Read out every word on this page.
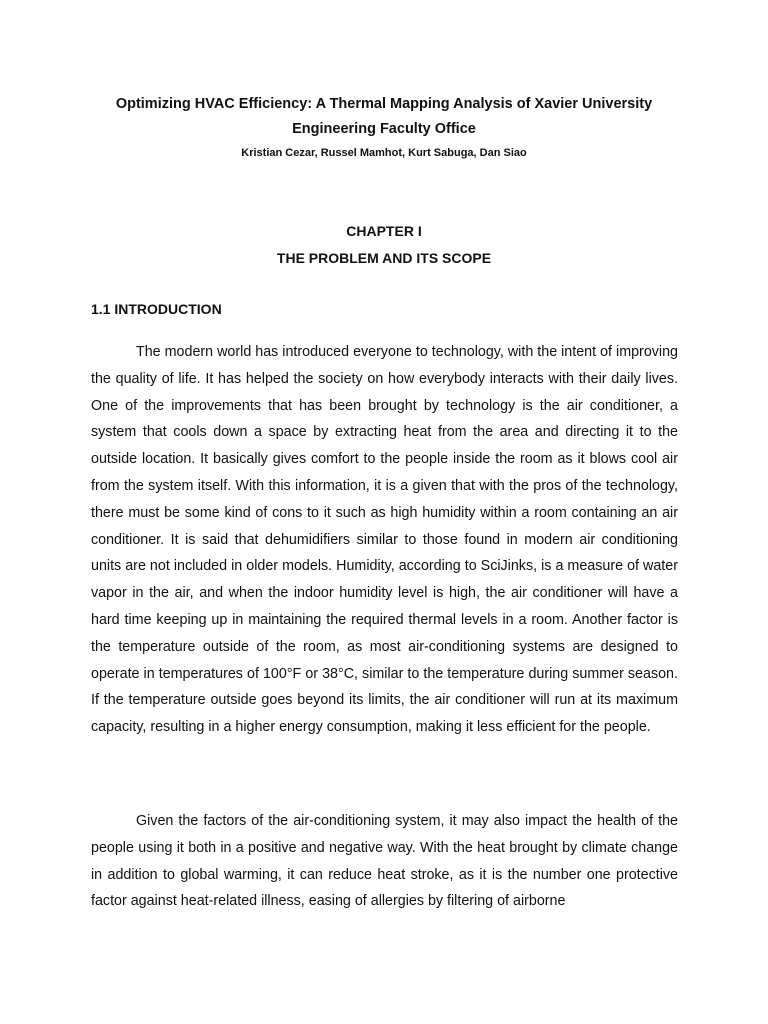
Optimizing HVAC Efficiency: A Thermal Mapping Analysis of Xavier University
Engineering Faculty Office
Kristian Cezar, Russel Mamhot, Kurt Sabuga, Dan Siao
CHAPTER I
THE PROBLEM AND ITS SCOPE
1.1 INTRODUCTION

The modern world has introduced everyone to technology, with the intent of improving the quality of life. It has helped the society on how everybody interacts with their daily lives. One of the improvements that has been brought by technology is the air conditioner, a system that cools down a space by extracting heat from the area and directing it to the outside location. It basically gives comfort to the people inside the room as it blows cool air from the system itself. With this information, it is a given that with the pros of the technology, there must be some kind of cons to it such as high humidity within a room containing an air conditioner. It is said that dehumidifiers similar to those found in modern air conditioning units are not included in older models. Humidity, according to SciJinks, is a measure of water vapor in the air, and when the indoor humidity level is high, the air conditioner will have a hard time keeping up in maintaining the required thermal levels in a room. Another factor is the temperature outside of the room, as most air-conditioning systems are designed to operate in temperatures of 100°F or 38°C, similar to the temperature during summer season. If the temperature outside goes beyond its limits, the air conditioner will run at its maximum capacity, resulting in a higher energy consumption, making it less efficient for the people.

Given the factors of the air-conditioning system, it may also impact the health of the people using it both in a positive and negative way. With the heat brought by climate change in addition to global warming, it can reduce heat stroke, as it is the number one protective factor against heat-related illness, easing of allergies by filtering of airborne
